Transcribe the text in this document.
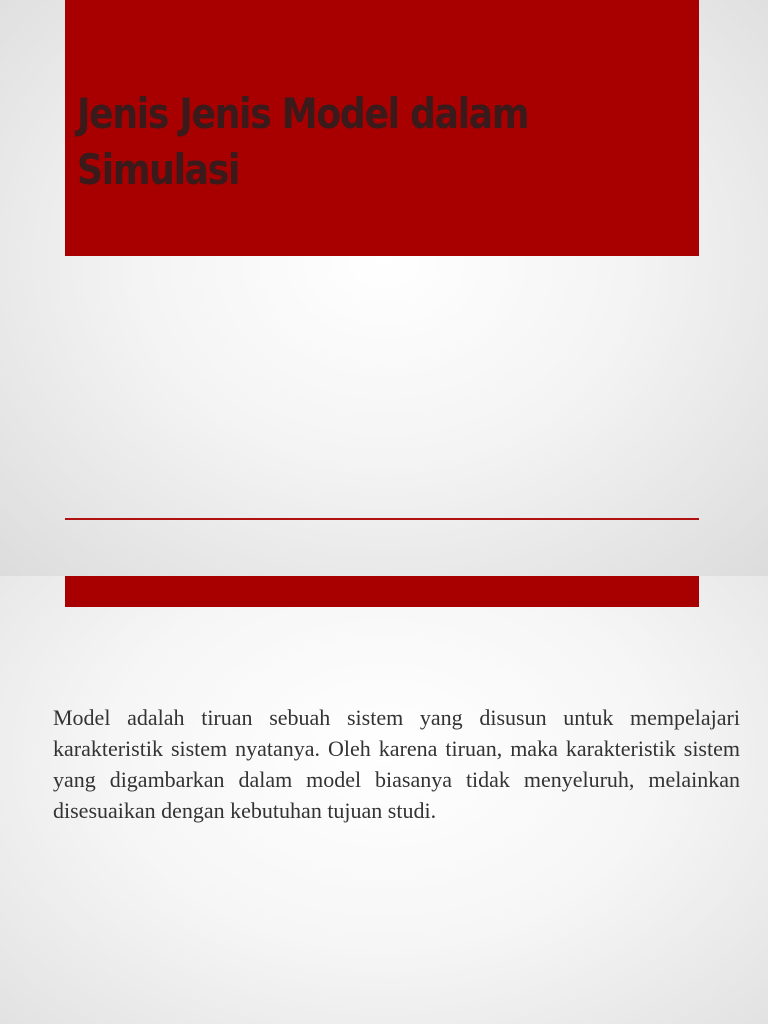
Jenis Jenis Model dalam
Simulasi

Model adalah tiruan sebuah sistem yang disusun untuk mempelajari karakteristik sistem nyatanya. Oleh karena tiruan, maka karakteristik sistem yang digambarkan dalam model biasanya tidak menyeluruh, melainkan disesuaikan dengan kebutuhan tujuan studi.
